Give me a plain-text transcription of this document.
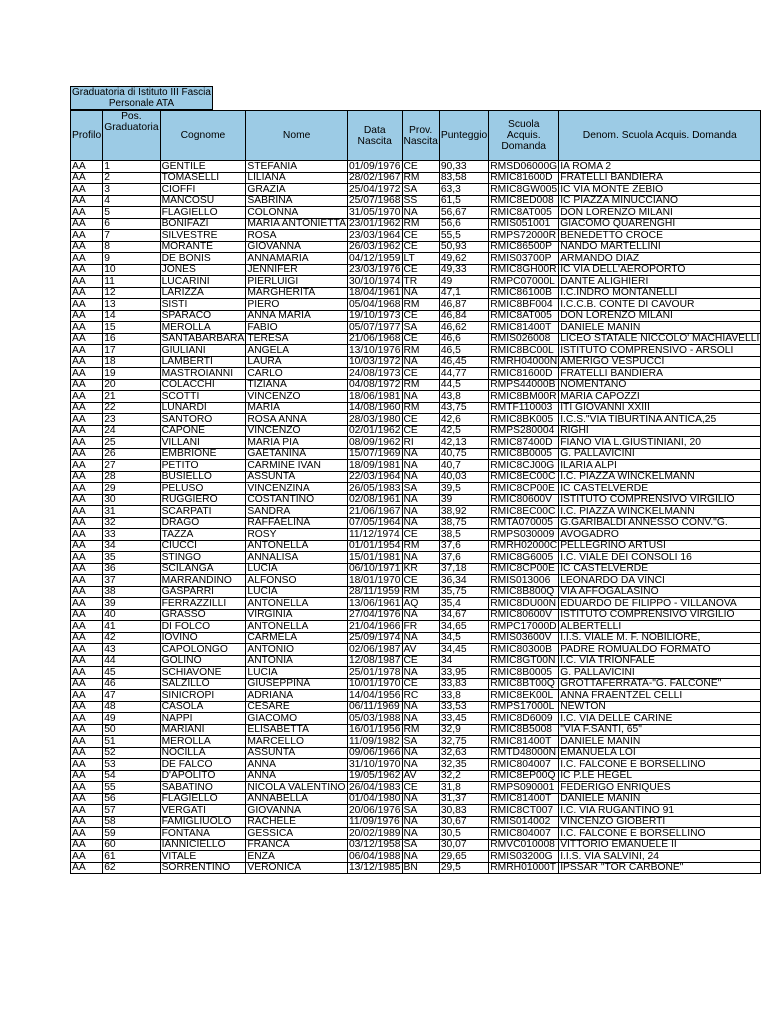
Graduatoria di Istituto III Fascia Personale ATA
Profilo	Pos. Graduatoria	Cognome	Nome	Data Nascita	Prov. Nascita	Punteggio	Scuola Acquis. Domanda	Denom. Scuola Acquis. Domanda
AA	1	GENTILE	STEFANIA	01/09/1976	CE	90,33	RMSD06000G	IA ROMA 2
AA	2	TOMASELLI	LILIANA	28/02/1967	RM	83,58	RMIC81600D	FRATELLI BANDIERA
AA	3	CIOFFI	GRAZIA	25/04/1972	SA	63,3	RMIC8GW005	IC VIA MONTE ZEBIO
AA	4	MANCOSU	SABRINA	25/07/1968	SS	61,5	RMIC8ED008	IC PIAZZA MINUCCIANO
AA	5	FLAGIELLO	COLONNA	31/05/1970	NA	56,67	RMIC8AT005	DON LORENZO MILANI
AA	6	BONIFAZI	MARIA ANTONIETTA	23/01/1962	RM	56,6	RMIS051001	GIACOMO QUARENGHI
AA	7	SILVESTRE	ROSA	23/03/1964	CE	55,5	RMPS72000R	BENEDETTO CROCE
AA	8	MORANTE	GIOVANNA	26/03/1962	CE	50,93	RMIC86500P	NANDO MARTELLINI
AA	9	DE BONIS	ANNAMARIA	04/12/1959	LT	49,62	RMIS03700P	ARMANDO DIAZ
AA	10	JONES	JENNIFER	23/03/1976	CE	49,33	RMIC8GH00R	IC VIA DELL'AEROPORTO
AA	11	LUCARINI	PIERLUIGI	30/10/1974	TR	49	RMPC07000L	DANTE ALIGHIERI
AA	12	LARIZZA	MARGHERITA	18/04/1961	NA	47,1	RMIC86100B	I.C.INDRO MONTANELLI
AA	13	SISTI	PIERO	05/04/1968	RM	46,87	RMIC8BF004	I.C.C.B. CONTE DI CAVOUR
AA	14	SPARACO	ANNA MARIA	19/10/1973	CE	46,84	RMIC8AT005	DON LORENZO MILANI
AA	15	MEROLLA	FABIO	05/07/1977	SA	46,62	RMIC81400T	DANIELE MANIN
AA	16	SANTABARBARA	TERESA	21/06/1968	CE	46,6	RMIS026008	LICEO STATALE NICCOLO' MACHIAVELLI
AA	17	GIULIANI	ANGELA	13/10/1976	RM	46,5	RMIC8BC00L	ISTITUTO COMPRENSIVO - ARSOLI
AA	18	LAMBERTI	LAURA	10/03/1972	NA	46,45	RMRH04000N	AMERIGO VESPUCCI
AA	19	MASTROIANNI	CARLO	24/08/1973	CE	44,77	RMIC81600D	FRATELLI BANDIERA
AA	20	COLACCHI	TIZIANA	04/08/1972	RM	44,5	RMPS44000B	NOMENTANO
AA	21	SCOTTI	VINCENZO	18/06/1981	NA	43,8	RMIC8BM00R	MARIA CAPOZZI
AA	22	LUNARDI	MARIA	14/08/1960	RM	43,75	RMTF110003	ITI GIOVANNI XXIII
AA	23	SANTORO	ROSA ANNA	28/03/1980	CE	42,6	RMIC8BK005	I.C.S."VIA TIBURTINA ANTICA,25
AA	24	CAPONE	VINCENZO	02/01/1962	CE	42,5	RMPS280004	RIGHI
AA	25	VILLANI	MARIA PIA	08/09/1962	RI	42,13	RMIC87400D	FIANO VIA L.GIUSTINIANI, 20
AA	26	EMBRIONE	GAETANINA	15/07/1969	NA	40,75	RMIC8B0005	G. PALLAVICINI
AA	27	PETITO	CARMINE IVAN	18/09/1981	NA	40,7	RMIC8CJ00G	ILARIA ALPI
AA	28	BUSIELLO	ASSUNTA	22/03/1964	NA	40,03	RMIC8EC00C	I.C. PIAZZA WINCKELMANN
AA	29	PELUSO	VINCENZINA	26/05/1983	SA	39,5	RMIC8CP00E	IC CASTELVERDE
AA	30	RUGGIERO	COSTANTINO	02/08/1961	NA	39	RMIC80600V	ISTITUTO COMPRENSIVO VIRGILIO
AA	31	SCARPATI	SANDRA	21/06/1967	NA	38,92	RMIC8EC00C	I.C. PIAZZA WINCKELMANN
AA	32	DRAGO	RAFFAELINA	07/05/1964	NA	38,75	RMTA070005	G.GARIBALDI ANNESSO CONV."G.
AA	33	TAZZA	ROSY	11/12/1974	CE	38,5	RMPS030009	AVOGADRO
AA	34	CIUCCI	ANTONELLA	01/01/1954	RM	37,6	RMRH02000C	PELLEGRINO ARTUSI
AA	35	STINGO	ANNALISA	15/01/1981	NA	37,6	RMIC8G6005	I.C. VIALE DEI CONSOLI 16
AA	36	SCILANGA	LUCIA	06/10/1971	KR	37,18	RMIC8CP00E	IC CASTELVERDE
AA	37	MARRANDINO	ALFONSO	18/01/1970	CE	36,34	RMIS013006	LEONARDO DA VINCI
AA	38	GASPARRI	LUCIA	28/11/1959	RM	35,75	RMIC8B800Q	VIA AFFOGALASINO
AA	39	FERRAZZILLI	ANTONELLA	13/06/1961	AQ	35,4	RMIC8DU00N	EDUARDO DE FILIPPO - VILLANOVA
AA	40	GRASSO	VIRGINIA	27/04/1976	NA	34,67	RMIC80600V	ISTITUTO COMPRENSIVO VIRGILIO
AA	41	DI FOLCO	ANTONELLA	21/04/1966	FR	34,65	RMPC17000D	ALBERTELLI
AA	42	IOVINO	CARMELA	25/09/1974	NA	34,5	RMIS03600V	I.I.S. VIALE M. F. NOBILIORE,
AA	43	CAPOLONGO	ANTONIO	02/06/1987	AV	34,45	RMIC80300B	PADRE ROMUALDO FORMATO
AA	44	GOLINO	ANTONIA	12/08/1987	CE	34	RMIC8GT00N	I.C. VIA TRIONFALE
AA	45	SCHIAVONE	LUCIA	25/01/1978	NA	33,95	RMIC8B0005	G. PALLAVICINI
AA	46	SALZILLO	GIUSEPPINA	10/01/1970	CE	33,83	RMIC8BT00Q	GROTTAFERRATA-"G. FALCONE"
AA	47	SINICROPI	ADRIANA	14/04/1956	RC	33,8	RMIC8EK00L	ANNA FRAENTZEL CELLI
AA	48	CASOLA	CESARE	06/11/1969	NA	33,53	RMPS17000L	NEWTON
AA	49	NAPPI	GIACOMO	05/03/1988	NA	33,45	RMIC8D6009	I.C. VIA DELLE CARINE
AA	50	MARIANI	ELISABETTA	16/01/1956	RM	32,9	RMIC8B5008	"VIA F.SANTI, 65"
AA	51	MEROLLA	MARCELLO	11/09/1982	SA	32,75	RMIC81400T	DANIELE MANIN
AA	52	NOCILLA	ASSUNTA	09/06/1966	NA	32,63	RMTD48000N	EMANUELA LOI
AA	53	DE FALCO	ANNA	31/10/1970	NA	32,35	RMIC804007	I.C. FALCONE E BORSELLINO
AA	54	D'APOLITO	ANNA	19/05/1962	AV	32,2	RMIC8EP00Q	IC P.LE HEGEL
AA	55	SABATINO	NICOLA VALENTINO	26/04/1983	CE	31,8	RMPS090001	FEDERIGO ENRIQUES
AA	56	FLAGIELLO	ANNABELLA	01/04/1980	NA	31,37	RMIC81400T	DANIELE MANIN
AA	57	VERGATI	GIOVANNA	20/06/1976	SA	30,83	RMIC8CT007	I.C. VIA RUGANTINO 91
AA	58	FAMIGLIUOLO	RACHELE	11/09/1976	NA	30,67	RMIS014002	VINCENZO GIOBERTI
AA	59	FONTANA	GESSICA	20/02/1989	NA	30,5	RMIC804007	I.C. FALCONE E BORSELLINO
AA	60	IANNICIELLO	FRANCA	03/12/1958	SA	30,07	RMVC010008	VITTORIO EMANUELE II
AA	61	VITALE	ENZA	06/04/1988	NA	29,65	RMIS03200G	I.I.S. VIA SALVINI, 24
AA	62	SORRENTINO	VERONICA	13/12/1985	BN	29,5	RMRH01000T	IPSSAR "TOR CARBONE"
